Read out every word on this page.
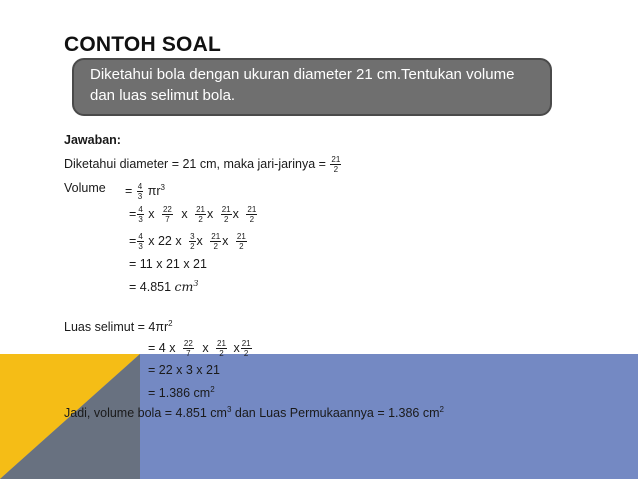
CONTOH SOAL
Diketahui bola dengan ukuran diameter 21 cm.Tentukan volume dan luas selimut bola.
Jawaban:
Diketahui diameter = 21 cm, maka jari-jarinya = $\frac{21}{2}$
Volume = $\frac{4}{3} \pi r^3$
= $\frac{4}{3}$ x $\frac{22}{7}$ x $\frac{21}{2}$ x $\frac{21}{2}$ x $\frac{21}{2}$
= $\frac{4}{3}$ x 22 x $\frac{3}{2}$ x $\frac{21}{2}$ x $\frac{21}{2}$
= 11 x 21 x 21
= 4.851 $cm^3$
Luas selimut = $4\pi r^2$
= 4 x $\frac{22}{7}$ x $\frac{21}{2}$ x $\frac{21}{2}$
= 22 x 3 x 21
= 1.386 $cm^2$
Jadi, volume bola = 4.851 $cm^3$ dan Luas Permukaannya = 1.386 $cm^2$
